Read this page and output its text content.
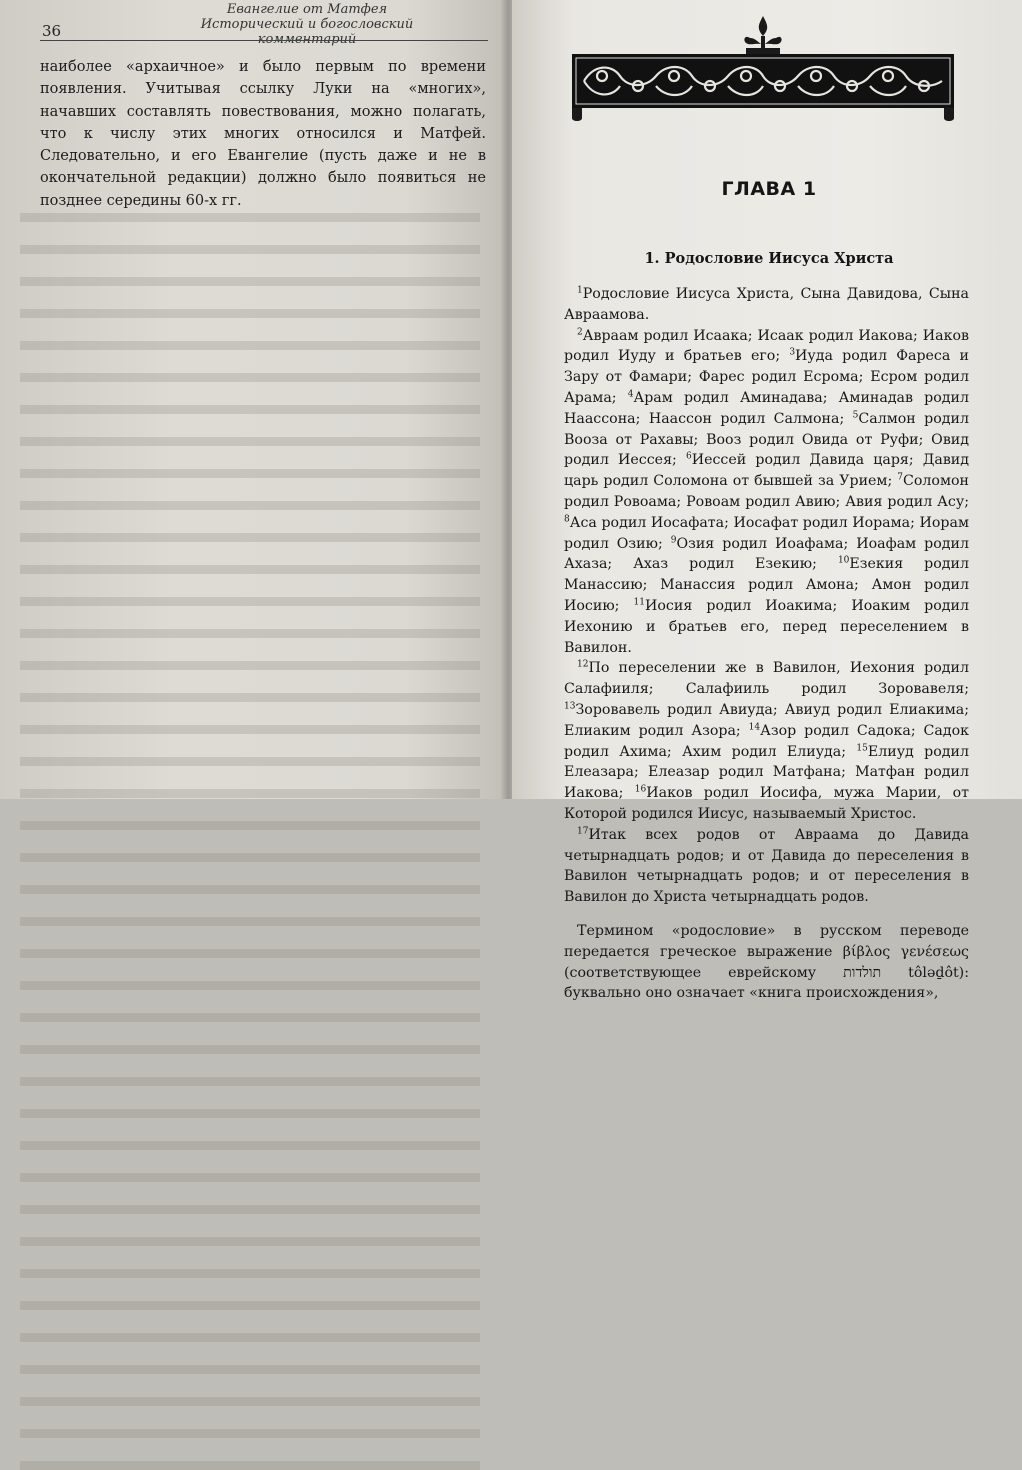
Евангелие от Матфея
Исторический и богословский комментарий
36

наиболее «архаичное» и было первым по времени появления. Учитывая ссылку Луки на «многих», начавших составлять повествования, можно полагать, что к числу этих многих относился и Матфей. Следовательно, и его Евангелие (пусть даже и не в окончательной редакции) должно было появиться не позднее середины 60-х гг.

ГЛАВА 1
1. Родословие Иисуса Христа

$^1$Родословие Иисуса Христа, Сына Давидова, Сына Авраамова.

$^2$Авраам родил Исаака; Исаак родил Иакова; Иаков родил Иуду и братьев его; $^3$Иуда родил Фареса и Зару от Фамари; Фарес родил Есрома; Есром родил Арама; $^4$Арам родил Аминадава; Аминадав родил Наассона; Наассон родил Салмона; $^5$Салмон родил Вооза от Рахавы; Вооз родил Овида от Руфи; Овид родил Иессея; $^6$Иессей родил Давида царя; Давид царь родил Соломона от бывшей за Урием; $^7$Соломон родил Ровоама; Ровоам родил Авию; Авия родил Асу; $^8$Аса родил Иосафата; Иосафат родил Иорама; Иорам родил Озию; $^9$Озия родил Иоафама; Иоафам родил Ахаза; Ахаз родил Езекию; $^{10}$Езекия родил Манассию; Манассия родил Амона; Амон родил Иосию; $^{11}$Иосия родил Иоакима; Иоаким родил Иехонию и братьев его, перед переселением в Вавилон.

$^{12}$По переселении же в Вавилон, Иехония родил Салафииля; Салафииль родил Зоровавеля; $^{13}$Зоровавель родил Авиуда; Авиуд родил Елиакима; Елиаким родил Азора; $^{14}$Азор родил Садока; Садок родил Ахима; Ахим родил Елиуда; $^{15}$Елиуд родил Елеазара; Елеазар родил Матфана; Матфан родил Иакова; $^{16}$Иаков родил Иосифа, мужа Марии, от Которой родился Иисус, называемый Христос.

$^{17}$Итак всех родов от Авраама до Давида четырнадцать родов; и от Давида до переселения в Вавилон четырнадцать родов; и от переселения в Вавилон до Христа четырнадцать родов.

Термином «родословие» в русском переводе передается греческое выражение βίβλος γενέσεως (соответствующее еврейскому תולדות tôlәḏôt): буквально оно означает «книга происхождения»,
